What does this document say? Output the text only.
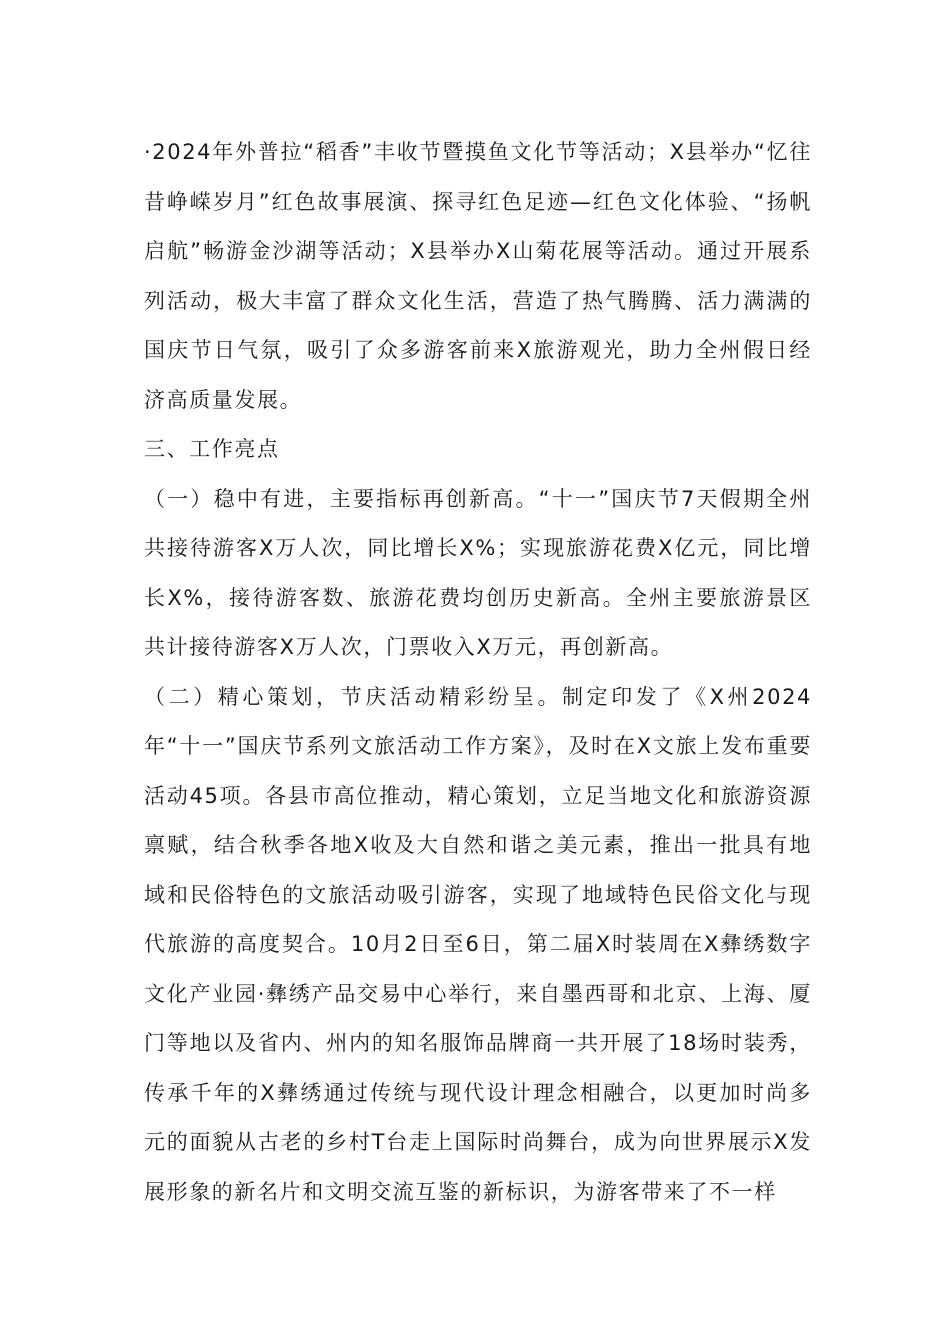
·2024年外普拉“稻香”丰收节暨摸鱼文化节等活动；X县举办“忆往昔峥嵘岁月”红色故事展演、探寻红色足迹—红色文化体验、“扬帆启航”畅游金沙湖等活动；X县举办X山菊花展等活动。通过开展系列活动，极大丰富了群众文化生活，营造了热气腾腾、活力满满的国庆节日气氛，吸引了众多游客前来X旅游观光，助力全州假日经济高质量发展。

三、工作亮点

（一）稳中有进，主要指标再创新高。“十一”国庆节7天假期全州共接待游客X万人次，同比增长X%；实现旅游花费X亿元，同比增长X%，接待游客数、旅游花费均创历史新高。全州主要旅游景区共计接待游客X万人次，门票收入X万元，再创新高。

（二）精心策划，节庆活动精彩纷呈。制定印发了《X州2024年“十一”国庆节系列文旅活动工作方案》，及时在X文旅上发布重要活动45项。各县市高位推动，精心策划，立足当地文化和旅游资源禀赋，结合秋季各地X收及大自然和谐之美元素，推出一批具有地域和民俗特色的文旅活动吸引游客，实现了地域特色民俗文化与现代旅游的高度契合。10月2日至6日，第二届X时装周在X彝绣数字文化产业园·彝绣产品交易中心举行，来自墨西哥和北京、上海、厦门等地以及省内、州内的知名服饰品牌商一共开展了18场时装秀，传承千年的X彝绣通过传统与现代设计理念相融合，以更加时尚多元的面貌从古老的乡村T台走上国际时尚舞台，成为向世界展示X发展形象的新名片和文明交流互鉴的新标识，为游客带来了不一样
